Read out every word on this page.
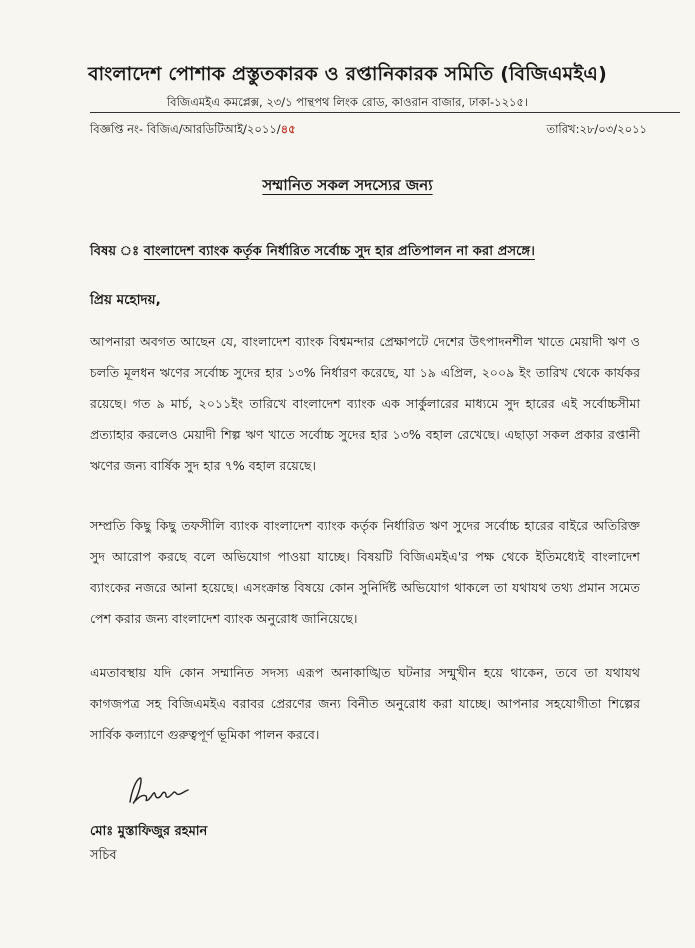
বাংলাদেশ পোশাক প্রস্তুতকারক ও রপ্তানিকারক সমিতি (বিজিএমইএ)
বিজিএমইএ কমপ্লেক্স, ২৩/১ পান্থপথ লিংক রোড, কাওরান বাজার, ঢাকা-১২১৫।
বিজ্ঞপ্তি নং- বিজিএ/আরডিটিআই/২০১১/৪৫	তারিখ:২৮/০৩/২০১১
সম্মানিত সকল সদস্যের জন্য
বিষয় ঃ বাংলাদেশ ব্যাংক কর্তৃক নির্ধারিত সর্বোচ্চ সুদ হার প্রতিপালন না করা প্রসঙ্গে।
প্রিয় মহোদয়,

আপনারা অবগত আছেন যে, বাংলাদেশ ব্যাংক বিশ্বমন্দার প্রেক্ষাপটে দেশের উৎপাদনশীল খাতে মেয়াদী ঋণ ও চলতি মূলধন ঋণের সর্বোচ্চ সুদের হার ১৩% নির্ধারণ করেছে, যা ১৯ এপ্রিল, ২০০৯ ইং তারিখ থেকে কার্যকর রয়েছে। গত ৯ মার্চ, ২০১১ইং তারিখে বাংলাদেশ ব্যাংক এক সার্কুলারের মাধ্যমে সুদ হারের এই সর্বোচ্চসীমা প্রত্যাহার করলেও মেয়াদী শিল্প ঋণ খাতে সর্বোচ্চ সুদের হার ১৩% বহাল রেখেছে। এছাড়া সকল প্রকার রপ্তানী ঋণের জন্য বার্ষিক সুদ হার ৭% বহাল রয়েছে।

সম্প্রতি কিছু কিছু তফসীলি ব্যাংক বাংলাদেশ ব্যাংক কর্তৃক নির্ধারিত ঋণ সুদের সর্বোচ্চ হারের বাইরে অতিরিক্ত সুদ আরোপ করছে বলে অভিযোগ পাওয়া যাচ্ছে। বিষয়টি বিজিএমইএ'র পক্ষ থেকে ইতিমধ্যেই বাংলাদেশ ব্যাংকের নজরে আনা হয়েছে। এসংক্রান্ত বিষয়ে কোন সুনির্দিষ্ট অভিযোগ থাকলে তা যথাযথ তথ্য প্রমান সমেত পেশ করার জন্য বাংলাদেশ ব্যাংক অনুরোধ জানিয়েছে।

এমতাবস্থায় যদি কোন সম্মানিত সদস্য এরূপ অনাকাঙ্খিত ঘটনার সন্মুখীন হয়ে থাকেন, তবে তা যথাযথ কাগজপত্র সহ বিজিএমইএ বরাবর প্রেরণের জন্য বিনীত অনুরোধ করা যাচ্ছে। আপনার সহযোগীতা শিল্পের সার্বিক কল্যাণে গুরুত্বপূর্ণ ভূমিকা পালন করবে।

মোঃ মুস্তাফিজুর রহমান
সচিব
